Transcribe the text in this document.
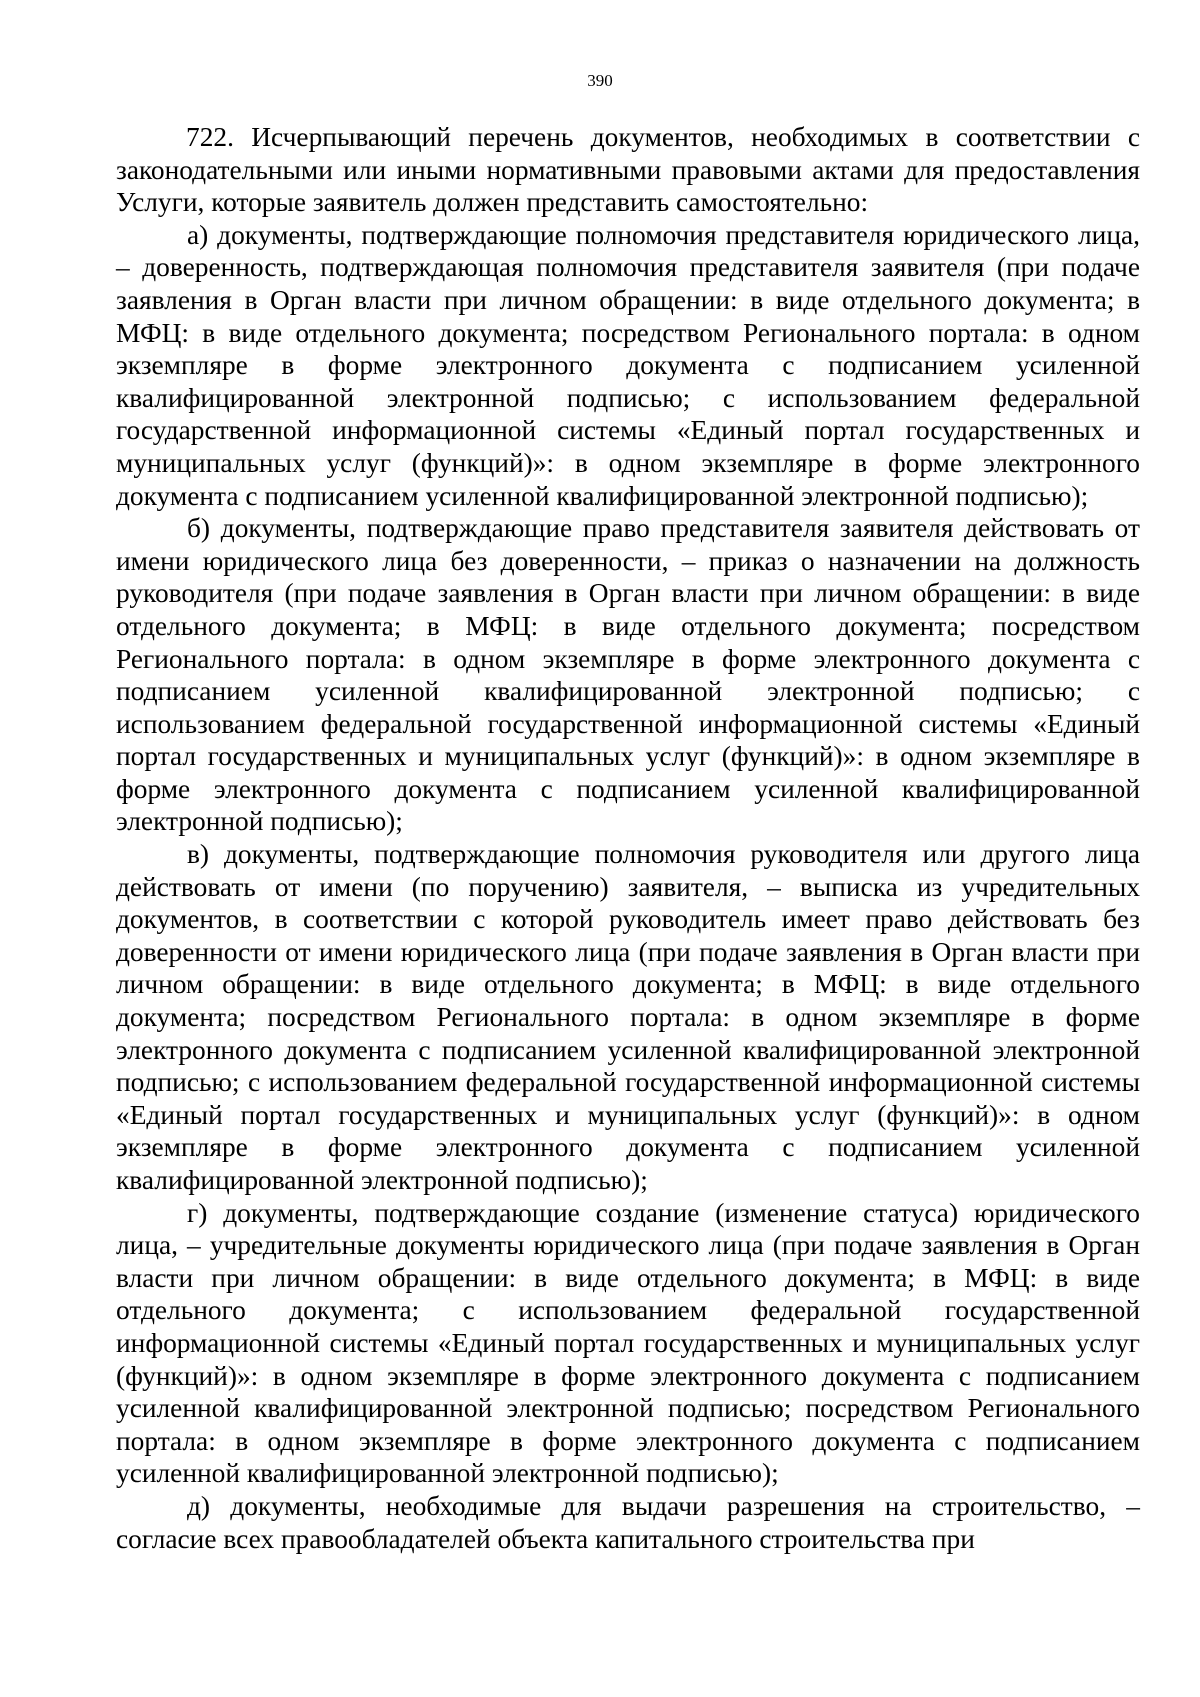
390

722. Исчерпывающий перечень документов, необходимых в соответствии с законодательными или иными нормативными правовыми актами для предоставления Услуги, которые заявитель должен представить самостоятельно:

а) документы, подтверждающие полномочия представителя юридического лица, – доверенность, подтверждающая полномочия представителя заявителя (при подаче заявления в Орган власти при личном обращении: в виде отдельного документа; в МФЦ: в виде отдельного документа; посредством Регионального портала: в одном экземпляре в форме электронного документа с подписанием усиленной квалифицированной электронной подписью; с использованием федеральной государственной информационной системы «Единый портал государственных и муниципальных услуг (функций)»: в одном экземпляре в форме электронного документа с подписанием усиленной квалифицированной электронной подписью);

б) документы, подтверждающие право представителя заявителя действовать от имени юридического лица без доверенности, – приказ о назначении на должность руководителя (при подаче заявления в Орган власти при личном обращении: в виде отдельного документа; в МФЦ: в виде отдельного документа; посредством Регионального портала: в одном экземпляре в форме электронного документа с подписанием усиленной квалифицированной электронной подписью; с использованием федеральной государственной информационной системы «Единый портал государственных и муниципальных услуг (функций)»: в одном экземпляре в форме электронного документа с подписанием усиленной квалифицированной электронной подписью);

в) документы, подтверждающие полномочия руководителя или другого лица действовать от имени (по поручению) заявителя, – выписка из учредительных документов, в соответствии с которой руководитель имеет право действовать без доверенности от имени юридического лица (при подаче заявления в Орган власти при личном обращении: в виде отдельного документа; в МФЦ: в виде отдельного документа; посредством Регионального портала: в одном экземпляре в форме электронного документа с подписанием усиленной квалифицированной электронной подписью; с использованием федеральной государственной информационной системы «Единый портал государственных и муниципальных услуг (функций)»: в одном экземпляре в форме электронного документа с подписанием усиленной квалифицированной электронной подписью);

г) документы, подтверждающие создание (изменение статуса) юридического лица, – учредительные документы юридического лица (при подаче заявления в Орган власти при личном обращении: в виде отдельного документа; в МФЦ: в виде отдельного документа; с использованием федеральной государственной информационной системы «Единый портал государственных и муниципальных услуг (функций)»: в одном экземпляре в форме электронного документа с подписанием усиленной квалифицированной электронной подписью; посредством Регионального портала: в одном экземпляре в форме электронного документа с подписанием усиленной квалифицированной электронной подписью);

д) документы, необходимые для выдачи разрешения на строительство, – согласие всех правообладателей объекта капитального строительства при
